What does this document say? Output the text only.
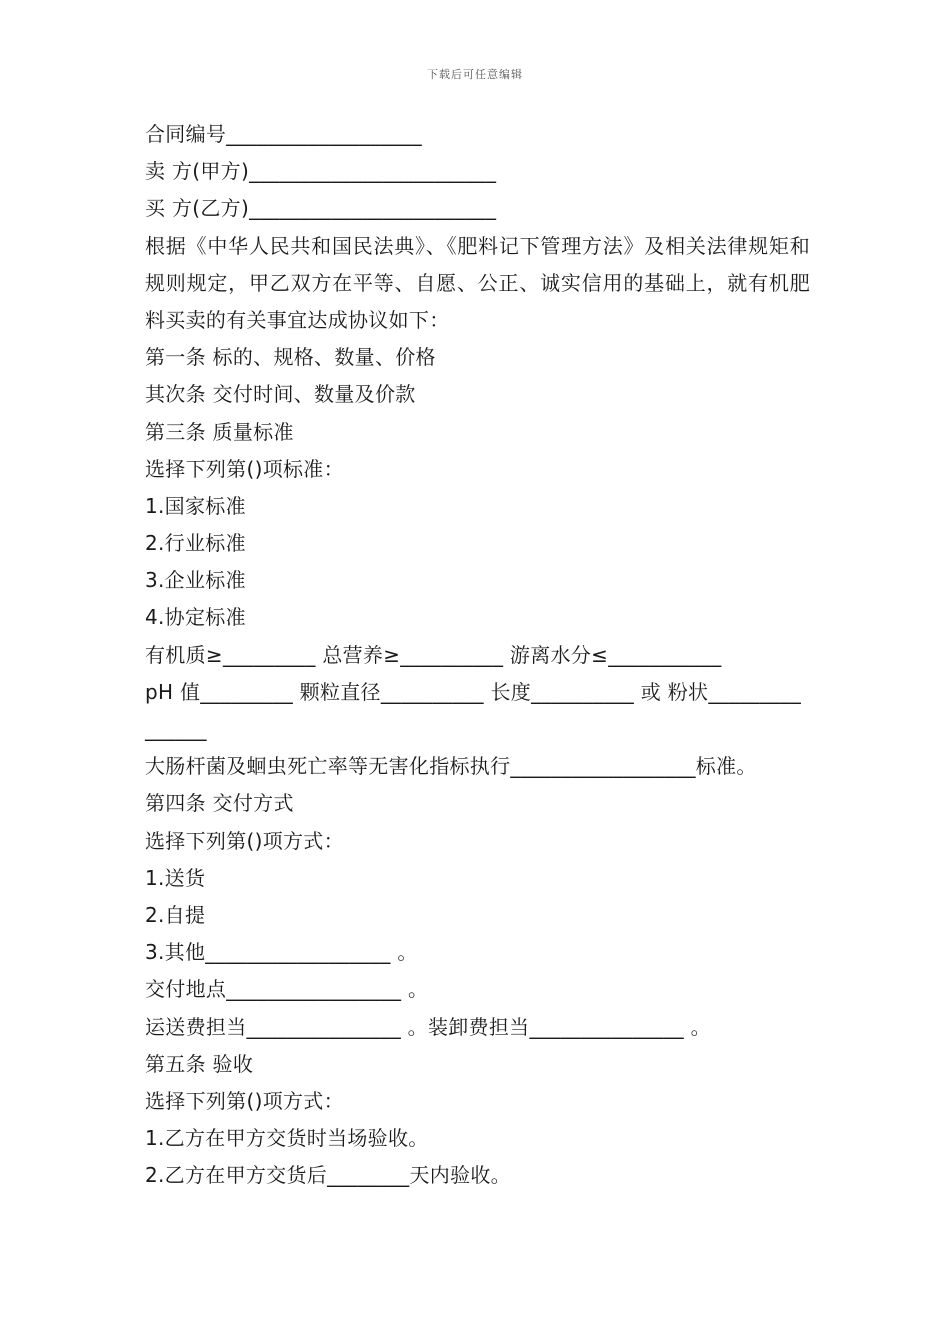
下载后可任意编辑
合同编号___________________
卖 方(甲方)________________________
买 方(乙方)________________________
根据《中华人民共和国民法典》、《肥料记下管理方法》及相关法律规矩和规则规定，甲乙双方在平等、自愿、公正、诚实信用的基础上，就有机肥料买卖的有关事宜达成协议如下：
第一条 标的、规格、数量、价格
其次条 交付时间、数量及价款
第三条 质量标准
选择下列第()项标准：
1.国家标准
2.行业标准
3.企业标准
4.协定标准
有机质≥_________ 总营养≥__________ 游离水分≤___________
pH 值_________ 颗粒直径__________ 长度__________ 或 粉状_______________
大肠杆菌及蛔虫死亡率等无害化指标执行__________________标准。
第四条 交付方式
选择下列第()项方式：
1.送货
2.自提
3.其他__________________ 。
交付地点_________________ 。
运送费担当_______________ 。装卸费担当_______________ 。
第五条 验收
选择下列第()项方式：
1.乙方在甲方交货时当场验收。
2.乙方在甲方交货后________天内验收。
